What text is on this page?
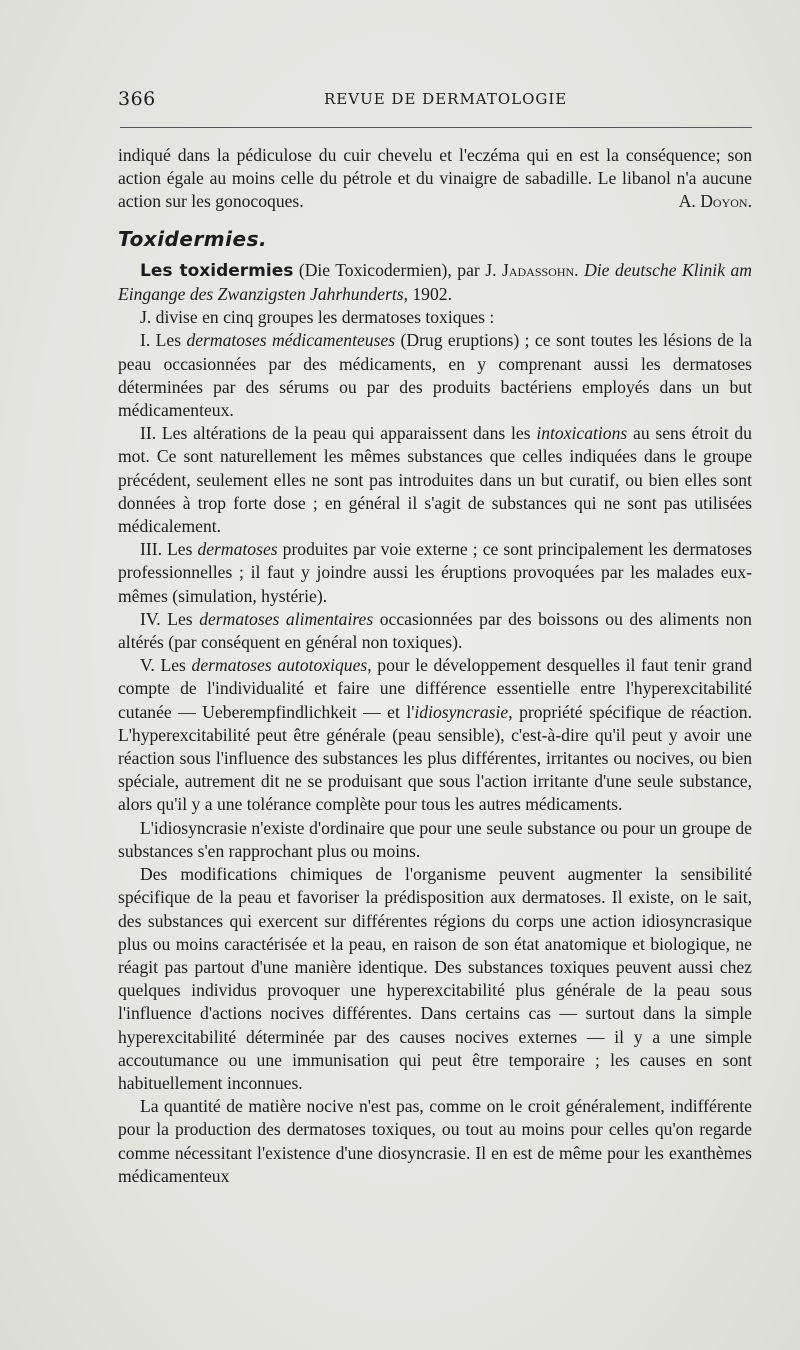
366	REVUE DE DERMATOLOGIE

indiqué dans la pédiculose du cuir chevelu et l'eczéma qui en est la conséquence; son action égale au moins celle du pétrole et du vinaigre de sabadille. Le libanol n'a aucune action sur les gonocoques.	A. Doyon.

Toxidermies.

Les toxidermies (Die Toxicodermien), par J. Jadassohn. Die deutsche Klinik am Eingange des Zwanzigsten Jahrhunderts, 1902.

J. divise en cinq groupes les dermatoses toxiques :

I. Les dermatoses médicamenteuses (Drug eruptions) ; ce sont toutes les lésions de la peau occasionnées par des médicaments, en y comprenant aussi les dermatoses déterminées par des sérums ou par des produits bactériens employés dans un but médicamenteux.

II. Les altérations de la peau qui apparaissent dans les intoxications au sens étroit du mot. Ce sont naturellement les mêmes substances que celles indiquées dans le groupe précédent, seulement elles ne sont pas introduites dans un but curatif, ou bien elles sont données à trop forte dose ; en général il s'agit de substances qui ne sont pas utilisées médicalement.

III. Les dermatoses produites par voie externe ; ce sont principalement les dermatoses professionnelles ; il faut y joindre aussi les éruptions provoquées par les malades eux-mêmes (simulation, hystérie).

IV. Les dermatoses alimentaires occasionnées par des boissons ou des aliments non altérés (par conséquent en général non toxiques).

V. Les dermatoses autotoxiques, pour le développement desquelles il faut tenir grand compte de l'individualité et faire une différence essentielle entre l'hyperexcitabilité cutanée — Ueberempfindlichkeit — et l'idiosyncrasie, propriété spécifique de réaction. L'hyperexcitabilité peut être générale (peau sensible), c'est-à-dire qu'il peut y avoir une réaction sous l'influence des substances les plus différentes, irritantes ou nocives, ou bien spéciale, autrement dit ne se produisant que sous l'action irritante d'une seule substance, alors qu'il y a une tolérance complète pour tous les autres médicaments.

L'idiosyncrasie n'existe d'ordinaire que pour une seule substance ou pour un groupe de substances s'en rapprochant plus ou moins.

Des modifications chimiques de l'organisme peuvent augmenter la sensibilité spécifique de la peau et favoriser la prédisposition aux dermatoses. Il existe, on le sait, des substances qui exercent sur différentes régions du corps une action idiosyncrasique plus ou moins caractérisée et la peau, en raison de son état anatomique et biologique, ne réagit pas partout d'une manière identique. Des substances toxiques peuvent aussi chez quelques individus provoquer une hyperexcitabilité plus générale de la peau sous l'influence d'actions nocives différentes. Dans certains cas — surtout dans la simple hyperexcitabilité déterminée par des causes nocives externes — il y a une simple accoutumance ou une immunisation qui peut être temporaire ; les causes en sont habituellement inconnues.

La quantité de matière nocive n'est pas, comme on le croit généralement, indifférente pour la production des dermatoses toxiques, ou tout au moins pour celles qu'on regarde comme nécessitant l'existence d'une diosyncrasie. Il en est de même pour les exanthèmes médicamenteux
